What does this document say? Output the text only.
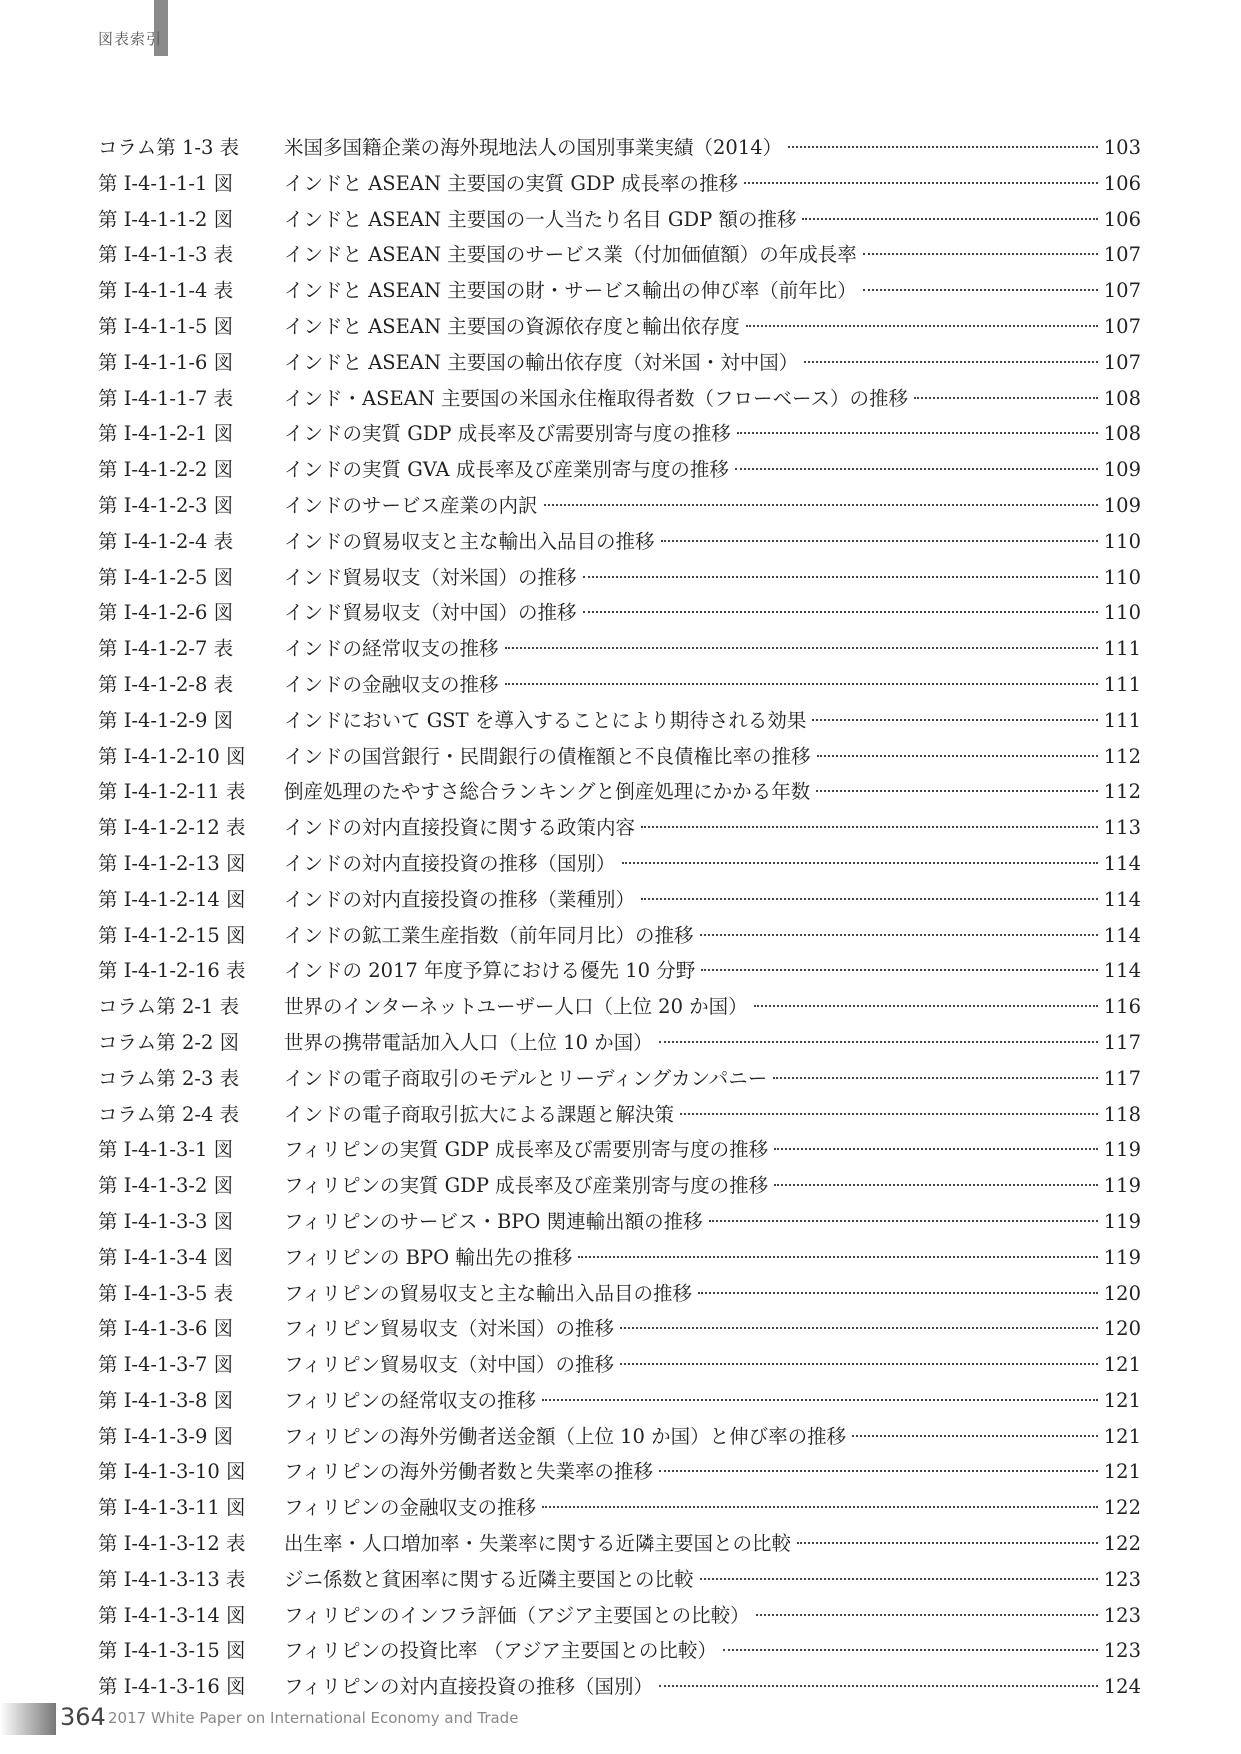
図表索引
コラム第 1-3 表	米国多国籍企業の海外現地法人の国別事業実績（2014）	103
第 I-4-1-1-1 図	インドと ASEAN 主要国の実質 GDP 成長率の推移	106
第 I-4-1-1-2 図	インドと ASEAN 主要国の一人当たり名目 GDP 額の推移	106
第 I-4-1-1-3 表	インドと ASEAN 主要国のサービス業（付加価値額）の年成長率	107
第 I-4-1-1-4 表	インドと ASEAN 主要国の財・サービス輸出の伸び率（前年比）	107
第 I-4-1-1-5 図	インドと ASEAN 主要国の資源依存度と輸出依存度	107
第 I-4-1-1-6 図	インドと ASEAN 主要国の輸出依存度（対米国・対中国）	107
第 I-4-1-1-7 表	インド・ASEAN 主要国の米国永住権取得者数（フローベース）の推移	108
第 I-4-1-2-1 図	インドの実質 GDP 成長率及び需要別寄与度の推移	108
第 I-4-1-2-2 図	インドの実質 GVA 成長率及び産業別寄与度の推移	109
第 I-4-1-2-3 図	インドのサービス産業の内訳	109
第 I-4-1-2-4 表	インドの貿易収支と主な輸出入品目の推移	110
第 I-4-1-2-5 図	インド貿易収支（対米国）の推移	110
第 I-4-1-2-6 図	インド貿易収支（対中国）の推移	110
第 I-4-1-2-7 表	インドの経常収支の推移	111
第 I-4-1-2-8 表	インドの金融収支の推移	111
第 I-4-1-2-9 図	インドにおいて GST を導入することにより期待される効果	111
第 I-4-1-2-10 図	インドの国営銀行・民間銀行の債権額と不良債権比率の推移	112
第 I-4-1-2-11 表	倒産処理のたやすさ総合ランキングと倒産処理にかかる年数	112
第 I-4-1-2-12 表	インドの対内直接投資に関する政策内容	113
第 I-4-1-2-13 図	インドの対内直接投資の推移（国別）	114
第 I-4-1-2-14 図	インドの対内直接投資の推移（業種別）	114
第 I-4-1-2-15 図	インドの鉱工業生産指数（前年同月比）の推移	114
第 I-4-1-2-16 表	インドの 2017 年度予算における優先 10 分野	114
コラム第 2-1 表	世界のインターネットユーザー人口（上位 20 か国）	116
コラム第 2-2 図	世界の携帯電話加入人口（上位 10 か国）	117
コラム第 2-3 表	インドの電子商取引のモデルとリーディングカンパニー	117
コラム第 2-4 表	インドの電子商取引拡大による課題と解決策	118
第 I-4-1-3-1 図	フィリピンの実質 GDP 成長率及び需要別寄与度の推移	119
第 I-4-1-3-2 図	フィリピンの実質 GDP 成長率及び産業別寄与度の推移	119
第 I-4-1-3-3 図	フィリピンのサービス・BPO 関連輸出額の推移	119
第 I-4-1-3-4 図	フィリピンの BPO 輸出先の推移	119
第 I-4-1-3-5 表	フィリピンの貿易収支と主な輸出入品目の推移	120
第 I-4-1-3-6 図	フィリピン貿易収支（対米国）の推移	120
第 I-4-1-3-7 図	フィリピン貿易収支（対中国）の推移	121
第 I-4-1-3-8 図	フィリピンの経常収支の推移	121
第 I-4-1-3-9 図	フィリピンの海外労働者送金額（上位 10 か国）と伸び率の推移	121
第 I-4-1-3-10 図	フィリピンの海外労働者数と失業率の推移	121
第 I-4-1-3-11 図	フィリピンの金融収支の推移	122
第 I-4-1-3-12 表	出生率・人口増加率・失業率に関する近隣主要国との比較	122
第 I-4-1-3-13 表	ジニ係数と貧困率に関する近隣主要国との比較	123
第 I-4-1-3-14 図	フィリピンのインフラ評価（アジア主要国との比較）	123
第 I-4-1-3-15 図	フィリピンの投資比率 （アジア主要国との比較）	123
第 I-4-1-3-16 図	フィリピンの対内直接投資の推移（国別）	124
364 2017 White Paper on International Economy and Trade
